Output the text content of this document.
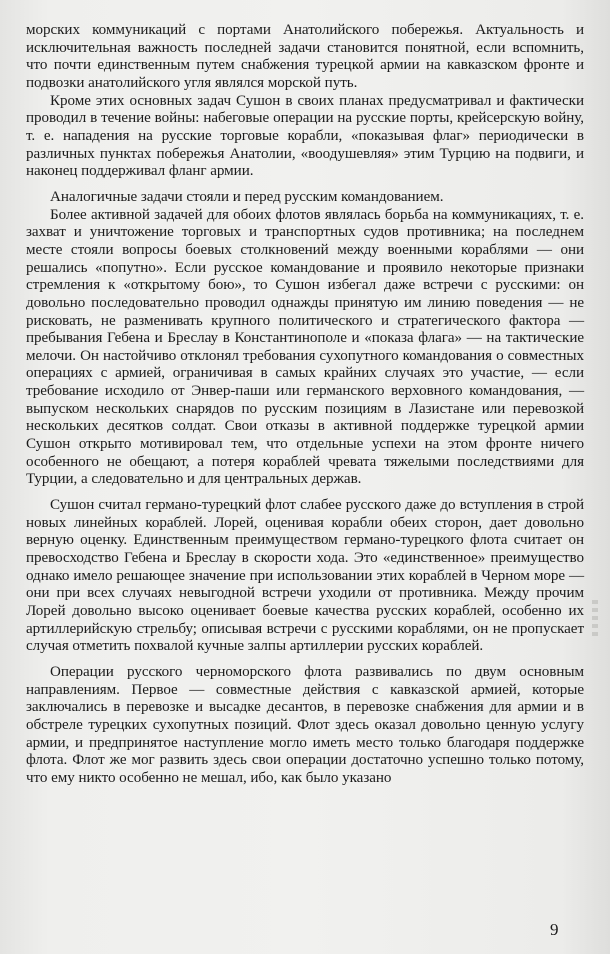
морских коммуникаций с портами Анатолийского побережья. Актуальность и исключительная важность последней задачи становится понятной, если вспомнить, что почти единственным путем снабжения турецкой армии на кавказском фронте и подвозки анатолийского угля являлся морской путь.

Кроме этих основных задач Сушон в своих планах предусматривал и фактически проводил в течение войны: набеговые операции на русские порты, крейсерскую войну, т. е. нападения на русские торговые корабли, «показывая флаг» периодически в различных пунктах побережья Анатолии, «воодушевляя» этим Турцию на подвиги, и наконец поддерживал фланг армии.

Аналогичные задачи стояли и перед русским командованием.

Более активной задачей для обоих флотов являлась борьба на коммуникациях, т. е. захват и уничтожение торговых и транспортных судов противника; на последнем месте стояли вопросы боевых столкновений между военными кораблями — они решались «попутно». Если русское командование и проявило некоторые признаки стремления к «открытому бою», то Сушон избегал даже встречи с русскими: он довольно последовательно проводил однажды принятую им линию поведения — не рисковать, не разменивать крупного политического и стратегического фактора — пребывания Гебена и Бреслау в Константинополе и «показа флага» — на тактические мелочи. Он настойчиво отклонял требования сухопутного командования о совместных операциях с армией, ограничивая в самых крайних случаях это участие, — если требование исходило от Энвер-паши или германского верховного командования, — выпуском нескольких снарядов по русским позициям в Лазистане или перевозкой нескольких десятков солдат. Свои отказы в активной поддержке турецкой армии Сушон открыто мотивировал тем, что отдельные успехи на этом фронте ничего особенного не обещают, а потеря кораблей чревата тяжелыми последствиями для Турции, а следовательно и для центральных держав.

Сушон считал германо-турецкий флот слабее русского даже до вступления в строй новых линейных кораблей. Лорей, оценивая корабли обеих сторон, дает довольно верную оценку. Единственным преимуществом германо-турецкого флота считает он превосходство Гебена и Бреслау в скорости хода. Это «единственное» преимущество однако имело решающее значение при использовании этих кораблей в Черном море — они при всех случаях невыгодной встречи уходили от противника. Между прочим Лорей довольно высоко оценивает боевые качества русских кораблей, особенно их артиллерийскую стрельбу; описывая встречи с русскими кораблями, он не пропускает случая отметить похвалой кучные залпы артиллерии русских кораблей.

Операции русского черноморского флота развивались по двум основным направлениям. Первое — совместные действия с кавказской армией, которые заключались в перевозке и высадке десантов, в перевозке снабжения для армии и в обстреле турецких сухопутных позиций. Флот здесь оказал довольно ценную услугу армии, и предпринятое наступление могло иметь место только благодаря поддержке флота. Флот же мог развить здесь свои операции достаточно успешно только потому, что ему никто особенно не мешал, ибо, как было указано

9
